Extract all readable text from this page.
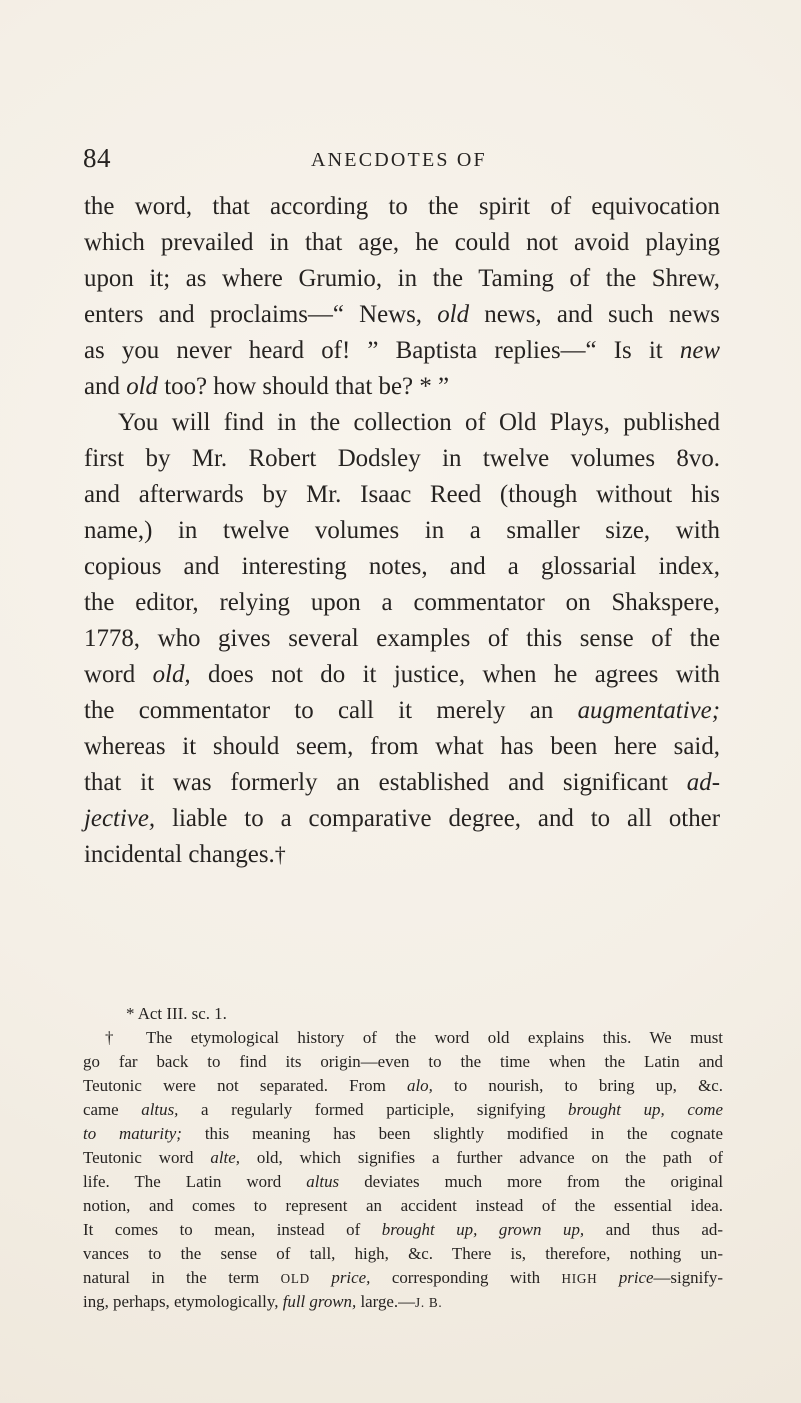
84	ANECDOTES OF
the word, that according to the spirit of equivocation
which prevailed in that age, he could not avoid playing
upon it; as where Grumio, in the Taming of the Shrew,
enters and proclaims—“ News, old news, and such news
as you never heard of! ” Baptista replies—“ Is it new
and old too? how should that be? * ”
You will find in the collection of Old Plays, published
first by Mr. Robert Dodsley in twelve volumes 8vo.
and afterwards by Mr. Isaac Reed (though without his
name,) in twelve volumes in a smaller size, with
copious and interesting notes, and a glossarial index,
the editor, relying upon a commentator on Shakspere,
1778, who gives several examples of this sense of the
word old, does not do it justice, when he agrees with
the commentator to call it merely an augmentative;
whereas it should seem, from what has been here said,
that it was formerly an established and significant ad-
jective, liable to a comparative degree, and to all other
incidental changes.†
* Act III. sc. 1.
† The etymological history of the word old explains this. We must
go far back to find its origin—even to the time when the Latin and
Teutonic were not separated. From alo, to nourish, to bring up, &c.
came altus, a regularly formed participle, signifying brought up, come
to maturity; this meaning has been slightly modified in the cognate
Teutonic word alte, old, which signifies a further advance on the path of
life. The Latin word altus deviates much more from the original
notion, and comes to represent an accident instead of the essential idea.
It comes to mean, instead of brought up, grown up, and thus ad-
vances to the sense of tall, high, &c. There is, therefore, nothing un-
natural in the term OLD price, corresponding with HIGH price—signify-
ing, perhaps, etymologically, full grown, large.—J. B.
